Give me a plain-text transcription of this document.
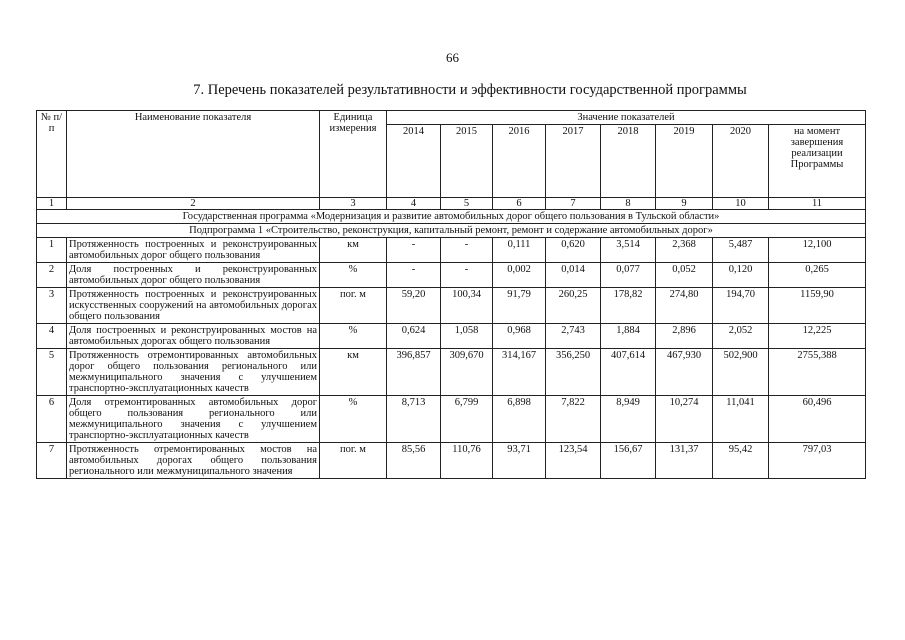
66
7. Перечень показателей результативности и эффективности государственной программы
№ п/п	Наименование показателя	Единица измерения	Значение показателей							
			2014	2015	2016	2017	2018	2019	2020	на момент завершения реализации Программы
1	2	3	4	5	6	7	8	9	10	11
Государственная программа «Модернизация и развитие автомобильных дорог общего пользования в Тульской области»										
Подпрограмма 1 «Строительство, реконструкция, капитальный ремонт, ремонт и содержание автомобильных дорог»										
1	Протяженность построенных и реконструированных автомобильных дорог общего пользования	км	-	-	0,111	0,620	3,514	2,368	5,487	12,100
2	Доля построенных и реконструированных автомобильных дорог общего пользования	%	-	-	0,002	0,014	0,077	0,052	0,120	0,265
3	Протяженность построенных и реконструированных искусственных сооружений на автомобильных дорогах общего пользования	пог. м	59,20	100,34	91,79	260,25	178,82	274,80	194,70	1159,90
4	Доля построенных и реконструированных мостов на автомобильных дорогах общего пользования	%	0,624	1,058	0,968	2,743	1,884	2,896	2,052	12,225
5	Протяженность отремонтированных автомобильных дорог общего пользования регионального или межмуниципального значения с улучшением транспортно-эксплуатационных качеств	км	396,857	309,670	314,167	356,250	407,614	467,930	502,900	2755,388
6	Доля отремонтированных автомобильных дорог общего пользования регионального или межмуниципального значения с улучшением транспортно-эксплуатационных качеств	%	8,713	6,799	6,898	7,822	8,949	10,274	11,041	60,496
7	Протяженность отремонтированных мостов на автомобильных дорогах общего пользования регионального или межмуниципального значения	пог. м	85,56	110,76	93,71	123,54	156,67	131,37	95,42	797,03
